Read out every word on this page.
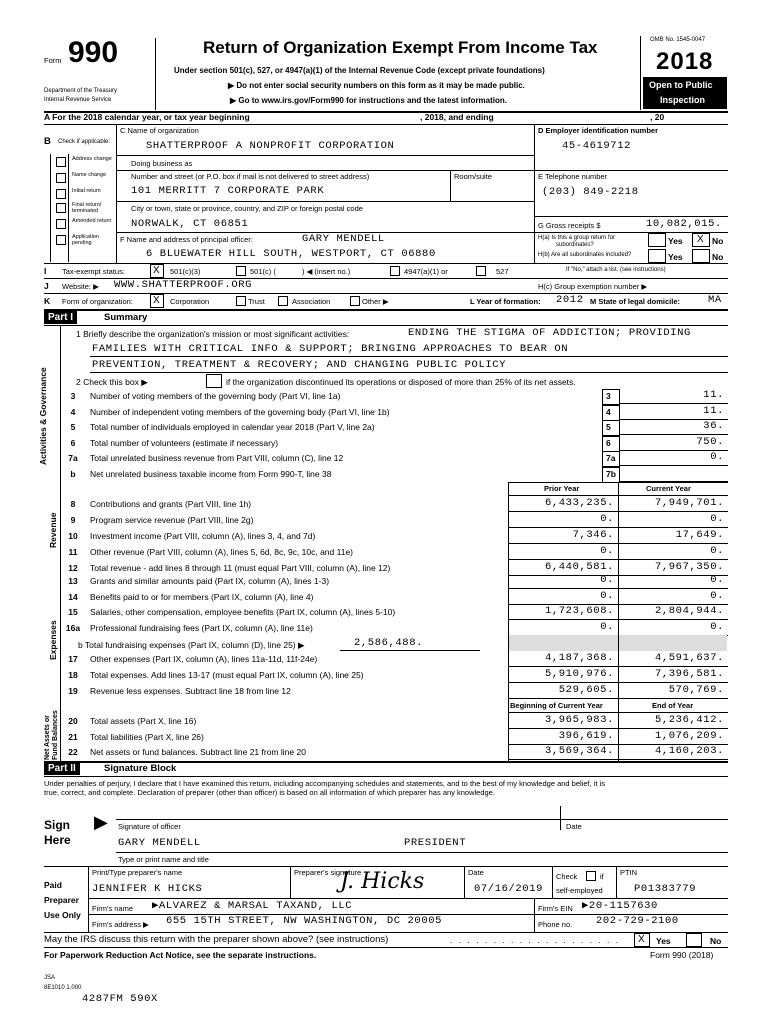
Form 990
Department of the Treasury
Internal Revenue Service
Return of Organization Exempt From Income Tax
Under section 501(c), 527, or 4947(a)(1) of the Internal Revenue Code (except private foundations)
▶ Do not enter social security numbers on this form as it may be made public.
▶ Go to www.irs.gov/Form990 for instructions and the latest information.
OMB No. 1545-0047
2018
Open to Public
Inspection
A For the 2018 calendar year, or tax year beginning	, 2018, and ending	, 20
B Check if applicable:
Address change
Name change
Initial return
Final return/ terminated
Amended return
Application pending
C Name of organization
SHATTERPROOF A NONPROFIT CORPORATION
Doing business as
Number and street (or P.O. box if mail is not delivered to street address)	Room/suite
101 MERRITT 7 CORPORATE PARK
City or town, state or province, country, and ZIP or foreign postal code
NORWALK, CT 06851
F Name and address of principal officer:	GARY MENDELL
6 BLUEWATER HILL SOUTH, WESTPORT, CT 06880
D Employer identification number
45-4619712
E Telephone number
(203) 849-2218
G Gross receipts $	10,082,015.
H(a) Is this a group return for
subordinates?	Yes X No
H(b) Are all subordinates included?	Yes	No
I Tax-exempt status:	X 501(c)(3)	501(c) (	) ◀ (insert no.)	4947(a)(1) or	527	If "No," attach a list. (see instructions)
J Website: ▶ WWW.SHATTERPROOF.ORG	H(c) Group exemption number ▶
K Form of organization: X Corporation	Trust	Association	Other ▶	L Year of formation: 2012 M State of legal domicile:	MA
Part I	Summary
Activities & Governance
Revenue
Expenses
Net Assets or Fund Balances
1 Briefly describe the organization's mission or most significant activities:	ENDING THE STIGMA OF ADDICTION; PROVIDING
FAMILIES WITH CRITICAL INFO & SUPPORT; BRINGING APPROACHES TO BEAR ON
PREVENTION, TREATMENT & RECOVERY; AND CHANGING PUBLIC POLICY
2 Check this box ▶	if the organization discontinued its operations or disposed of more than 25% of its net assets.
3	Number of voting members of the governing body (Part VI, line 1a)	3	11.
4	Number of independent voting members of the governing body (Part VI, line 1b)	4	11.
5	Total number of individuals employed in calendar year 2018 (Part V, line 2a)	5	36.
6	Total number of volunteers (estimate if necessary)	6	750.
7a	Total unrelated business revenue from Part VIII, column (C), line 12	7a	0.
b	Net unrelated business taxable income from Form 990-T, line 38	7b
Prior Year	Current Year
8	Contributions and grants (Part VIII, line 1h)	6,433,235.	7,949,701.
9	Program service revenue (Part VIII, line 2g)	0.	0.
10	Investment income (Part VIII, column (A), lines 3, 4, and 7d)	7,346.	17,649.
11	Other revenue (Part VIII, column (A), lines 5, 6d, 8c, 9c, 10c, and 11e)	0.	0.
12	Total revenue - add lines 8 through 11 (must equal Part VIII, column (A), line 12)	6,440,581.	7,967,350.
13	Grants and similar amounts paid (Part IX, column (A), lines 1-3)	0.	0.
14	Benefits paid to or for members (Part IX, column (A), line 4)	0.	0.
15	Salaries, other compensation, employee benefits (Part IX, column (A), lines 5-10)	1,723,608.	2,804,944.
16a	Professional fundraising fees (Part IX, column (A), line 11e)	0.	0.

b Total fundraising expenses (Part IX, column (D), line 25) ▶	2,586,488.
17	Other expenses (Part IX, column (A), lines 11a-11d, 11f-24e)	4,187,368.	4,591,637.
18	Total expenses. Add lines 13-17 (must equal Part IX, column (A), line 25)	5,910,976.	7,396,581.
19	Revenue less expenses. Subtract line 18 from line 12	529,605.	570,769.
Beginning of Current Year	End of Year
20	Total assets (Part X, line 16)	3,965,983.	5,236,412.
21	Total liabilities (Part X, line 26)	396,619.	1,076,209.
22	Net assets or fund balances. Subtract line 21 from line 20	3,569,364.	4,160,203.
Part II	Signature Block
Under penalties of perjury, I declare that I have examined this return, including accompanying schedules and statements, and to the best of my knowledge and belief, it is
true, correct, and complete. Declaration of preparer (other than officer) is based on all information of which preparer has any knowledge.
Sign
Here
▶ Signature of officer	Date
GARY MENDELL	PRESIDENT
Type or print name and title
Paid
Preparer
Use Only
Print/Type preparer's name	Preparer's signature	Date	Check	if
self-employed
PTIN
JENNIFER K HICKS	J. Hicks	07/16/2019	P01383779
Firm's name ▶ALVAREZ & MARSAL TAXAND, LLC	Firm's EIN ▶20-1157630
Firm's address ▶ 655 15TH STREET, NW WASHINGTON, DC 20005	Phone no. 202-729-2100
May the IRS discuss this return with the preparer shown above? (see instructions)	. . . . . . . . . . . . . . . . . . . . X Yes	No
For Paperwork Reduction Act Notice, see the separate instructions.	Form 990 (2018)
JSA
8E1010 1.000
4287FM 590X
